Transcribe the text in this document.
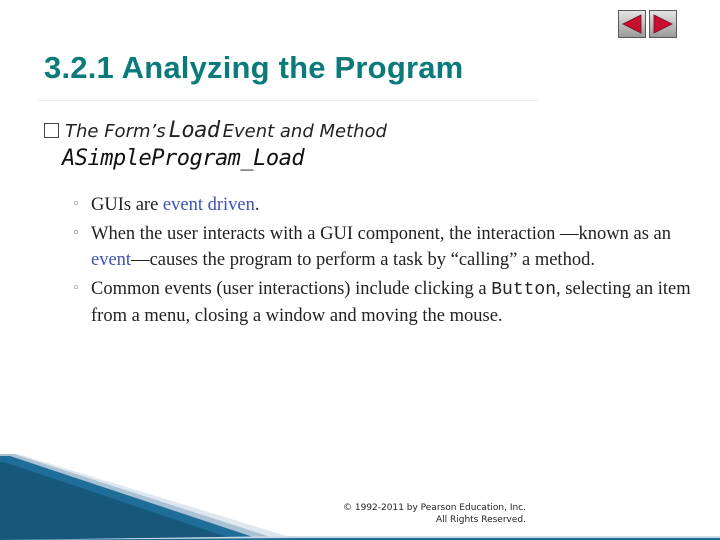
3.2.1 Analyzing the Program
The Form’s Load Event and Method
ASimpleProgram_Load
◦ GUIs are event driven.
◦ When the user interacts with a GUI component, the interaction —known as an event—causes the program to perform a task by “calling” a method.
◦ Common events (user interactions) include clicking a Button, selecting an item from a menu, closing a window and moving the mouse.
© 1992-2011 by Pearson Education, Inc.
All Rights Reserved.
